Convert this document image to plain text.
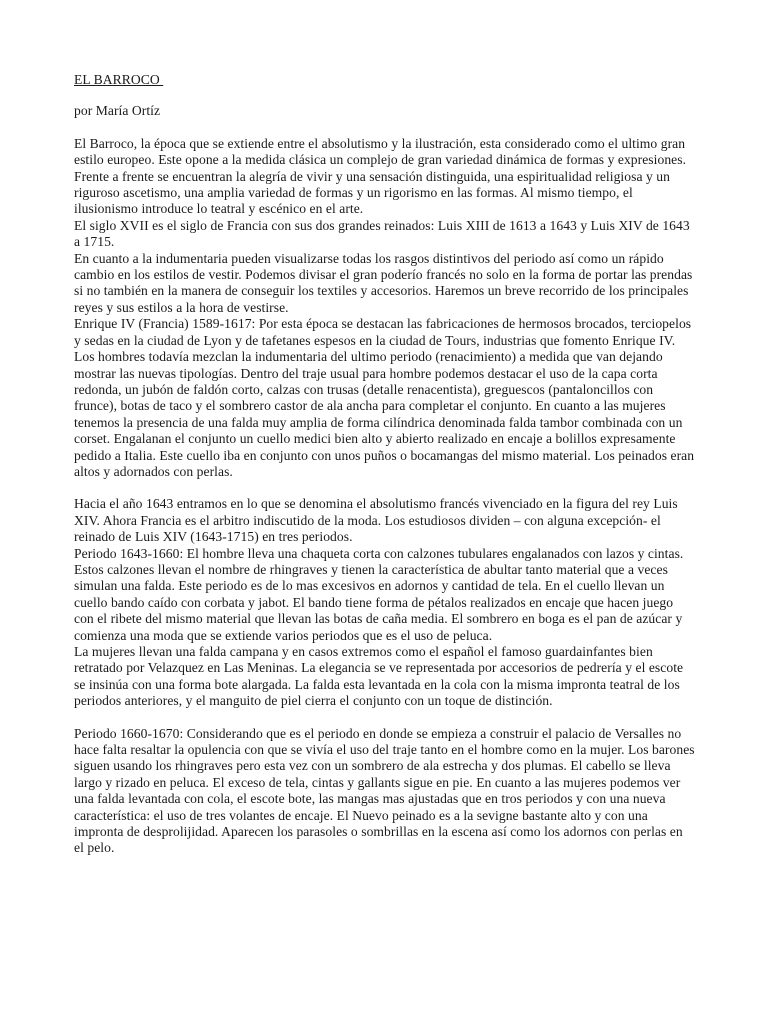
EL BARROCO
por María Ortíz

El Barroco, la época que se extiende entre el absolutismo y la ilustración, esta considerado como el ultimo gran estilo europeo. Este opone a la medida clásica un complejo de gran variedad dinámica de formas y expresiones.

Frente a frente se encuentran la alegría de vivir y una sensación distinguida, una espiritualidad religiosa y un riguroso ascetismo, una amplia variedad de formas y un rigorismo en las formas. Al mismo tiempo, el ilusionismo introduce lo teatral y escénico en el arte.

El siglo XVII es el siglo de Francia con sus dos grandes reinados: Luis XIII de 1613 a 1643 y Luis XIV de 1643 a 1715.

En cuanto a la indumentaria pueden visualizarse todas los rasgos distintivos del periodo así como un rápido cambio en los estilos de vestir. Podemos divisar el gran poderío francés no solo en la forma de portar las prendas si no también en la manera de conseguir los textiles y accesorios. Haremos un breve recorrido de los principales reyes y sus estilos a la hora de vestirse.

Enrique IV (Francia) 1589-1617: Por esta época se destacan las fabricaciones de hermosos brocados, terciopelos y sedas en la ciudad de Lyon y de tafetanes espesos en la ciudad de Tours, industrias que fomento Enrique IV. Los hombres todavía mezclan la indumentaria del ultimo periodo (renacimiento) a medida que van dejando mostrar las nuevas tipologías. Dentro del traje usual para hombre podemos destacar el uso de la capa corta redonda, un jubón de faldón corto, calzas con trusas (detalle renacentista), greguescos (pantaloncillos con frunce), botas de taco y el sombrero castor de ala ancha para completar el conjunto. En cuanto a las mujeres tenemos la presencia de una falda muy amplia de forma cilíndrica denominada falda tambor combinada con un corset. Engalanan el conjunto un cuello medici bien alto y abierto realizado en encaje a bolillos expresamente pedido a Italia. Este cuello iba en conjunto con unos puños o bocamangas del mismo material. Los peinados eran altos y adornados con perlas.

Hacia el año 1643 entramos en lo que se denomina el absolutismo francés vivenciado en la figura del rey Luis XIV. Ahora Francia es el arbitro indiscutido de la moda. Los estudiosos dividen – con alguna excepción- el reinado de Luis XIV (1643-1715) en tres periodos.

Periodo 1643-1660: El hombre lleva una chaqueta corta con calzones tubulares engalanados con lazos y cintas. Estos calzones llevan el nombre de rhingraves y tienen la característica de abultar tanto material que a veces simulan una falda. Este periodo es de lo mas excesivos en adornos y cantidad de tela. En el cuello llevan un cuello bando caído con corbata y jabot. El bando tiene forma de pétalos realizados en encaje que hacen juego con el ribete del mismo material que llevan las botas de caña media. El sombrero en boga es el pan de azúcar y comienza una moda que se extiende varios periodos que es el uso de peluca.

La mujeres llevan una falda campana y en casos extremos como el español el famoso guardainfantes bien retratado por Velazquez en Las Meninas. La elegancia se ve representada por accesorios de pedrería y el escote se insinúa con una forma bote alargada. La falda esta levantada en la cola con la misma impronta teatral de los periodos anteriores, y el manguito de piel cierra el conjunto con un toque de distinción.

Periodo 1660-1670: Considerando que es el periodo en donde se empieza a construir el palacio de Versalles no hace falta resaltar la opulencia con que se vivía el uso del traje tanto en el hombre como en la mujer. Los barones siguen usando los rhingraves pero esta vez con un sombrero de ala estrecha y dos plumas. El cabello se lleva largo y rizado en peluca. El exceso de tela, cintas y gallants sigue en pie. En cuanto a las mujeres podemos ver una falda levantada con cola, el escote bote, las mangas mas ajustadas que en tros periodos y con una nueva característica: el uso de tres volantes de encaje. El Nuevo peinado es a la sevigne bastante alto y con una impronta de desprolijidad. Aparecen los parasoles o sombrillas en la escena así como los adornos con perlas en el pelo.
